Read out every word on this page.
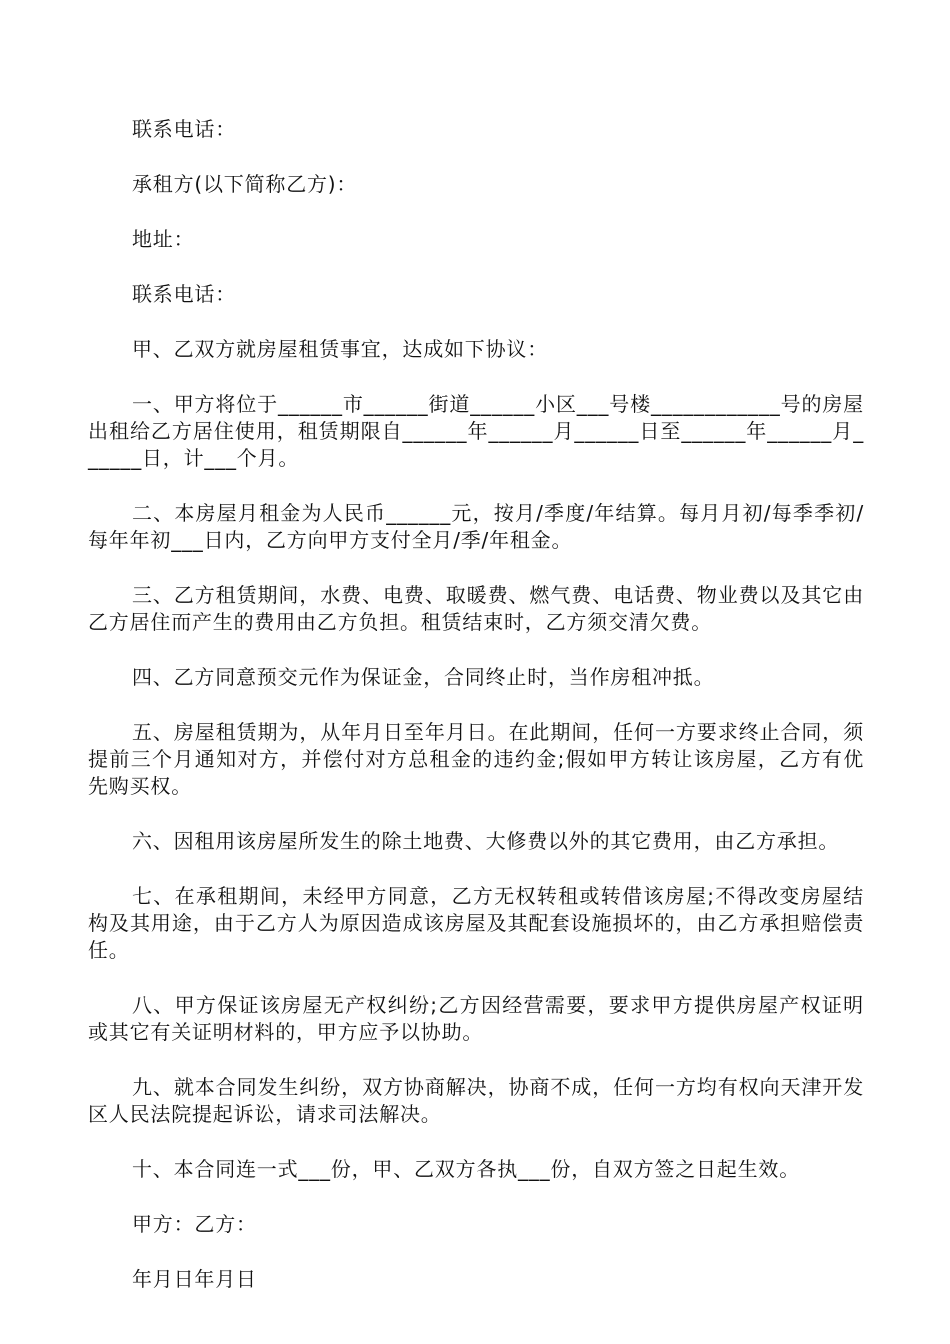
联系电话：

承租方(以下简称乙方)：

地址：

联系电话：

甲、乙双方就房屋租赁事宜，达成如下协议：

一、甲方将位于______市______街道______小区___号楼____________号的房屋出租给乙方居住使用，租赁期限自______年______月______日至______年______月______日，计___个月。

二、本房屋月租金为人民币______元，按月/季度/年结算。每月月初/每季季初/每年年初___日内，乙方向甲方支付全月/季/年租金。

三、乙方租赁期间，水费、电费、取暖费、燃气费、电话费、物业费以及其它由乙方居住而产生的费用由乙方负担。租赁结束时，乙方须交清欠费。

四、乙方同意预交元作为保证金，合同终止时，当作房租冲抵。

五、房屋租赁期为，从年月日至年月日。在此期间，任何一方要求终止合同，须提前三个月通知对方，并偿付对方总租金的违约金;假如甲方转让该房屋，乙方有优先购买权。

六、因租用该房屋所发生的除土地费、大修费以外的其它费用，由乙方承担。

七、在承租期间，未经甲方同意，乙方无权转租或转借该房屋;不得改变房屋结构及其用途，由于乙方人为原因造成该房屋及其配套设施损坏的，由乙方承担赔偿责任。

八、甲方保证该房屋无产权纠纷;乙方因经营需要，要求甲方提供房屋产权证明或其它有关证明材料的，甲方应予以协助。

九、就本合同发生纠纷，双方协商解决，协商不成，任何一方均有权向天津开发区人民法院提起诉讼，请求司法解决。

十、本合同连一式___份，甲、乙双方各执___份，自双方签之日起生效。

甲方：乙方：

年月日年月日
